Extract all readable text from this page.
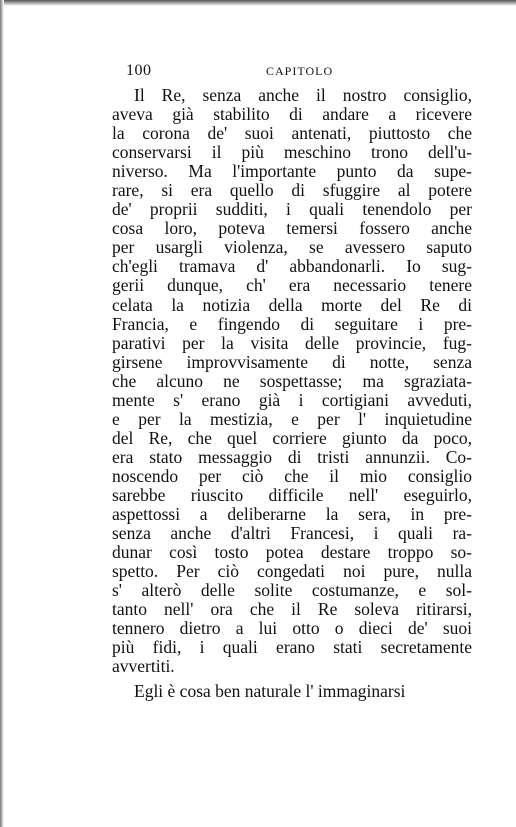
100	CAPITOLO
Il Re, senza anche il nostro consiglio,
aveva già stabilito di andare a ricevere
la corona de' suoi antenati, piuttosto che
conservarsi il più meschino trono dell'u-
niverso. Ma l'importante punto da supe-
rare, si era quello di sfuggire al potere
de' proprii sudditi, i quali tenendolo per
cosa loro, poteva temersi fossero anche
per usargli violenza, se avessero saputo
ch'egli tramava d' abbandonarli. Io sug-
gerii dunque, ch' era necessario tenere
celata la notizia della morte del Re di
Francia, e fingendo di seguitare i pre-
parativi per la visita delle provincie, fug-
girsene improvvisamente di notte, senza
che alcuno ne sospettasse; ma sgraziata-
mente s' erano già i cortigiani avveduti,
e per la mestizia, e per l' inquietudine
del Re, che quel corriere giunto da poco,
era stato messaggio di tristi annunzii. Co-
noscendo per ciò che il mio consiglio
sarebbe riuscito difficile nell' eseguirlo,
aspettossi a deliberarne la sera, in pre-
senza anche d'altri Francesi, i quali ra-
dunar così tosto potea destare troppo so-
spetto. Per ciò congedati noi pure, nulla
s' alterò delle solite costumanze, e sol-
tanto nell' ora che il Re soleva ritirarsi,
tennero dietro a lui otto o dieci de' suoi
più fidi, i quali erano stati secretamente
avvertiti.
Egli è cosa ben naturale l' immaginarsi
